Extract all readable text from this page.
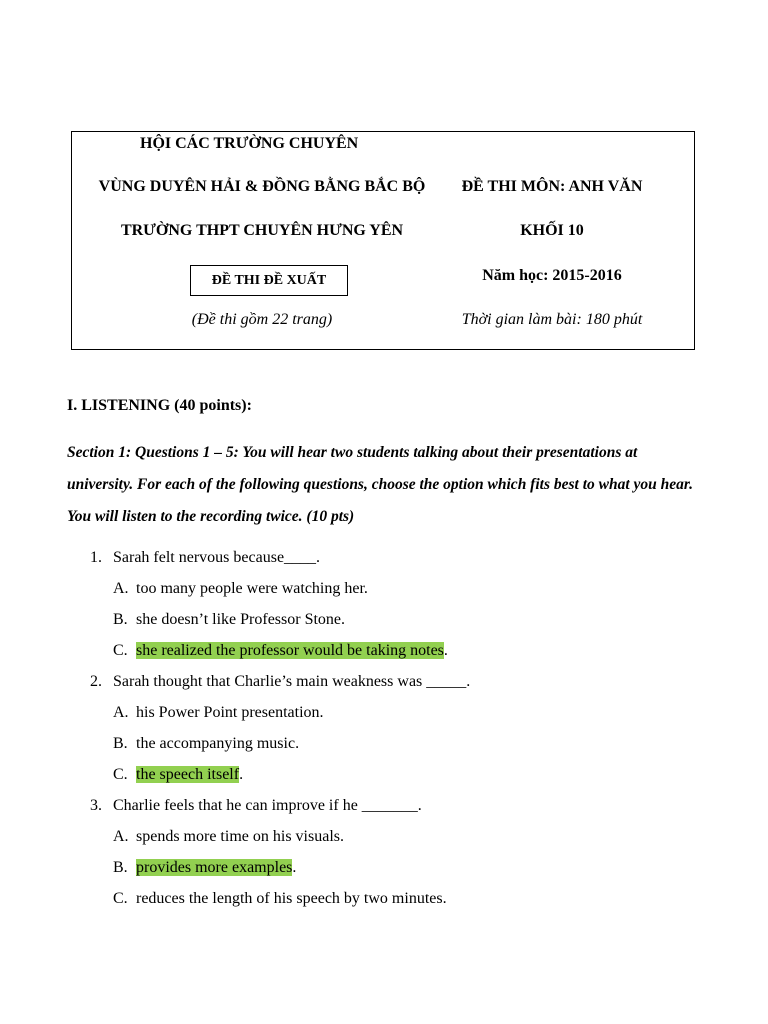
HỘI CÁC TRƯỜNG CHUYÊN
VÙNG DUYÊN HẢI & ĐỒNG BẰNG BẮC BỘ
TRƯỜNG THPT CHUYÊN HƯNG YÊN
ĐỀ THI ĐỀ XUẤT
(Đề thi gồm 22 trang)
ĐỀ THI MÔN: ANH VĂN
KHỐI 10
Năm học: 2015-2016
Thời gian làm bài: 180 phút
I. LISTENING (40 points):
Section 1: Questions 1 – 5: You will hear two students talking about their presentations at university. For each of the following questions, choose the option which fits best to what you hear. You will listen to the recording twice. (10 pts)
1. Sarah felt nervous because____.
A. too many people were watching her.
B. she doesn’t like Professor Stone.
C. she realized the professor would be taking notes.
2. Sarah thought that Charlie’s main weakness was _____.
A. his Power Point presentation.
B. the accompanying music.
C. the speech itself.
3. Charlie feels that he can improve if he _______.
A. spends more time on his visuals.
B. provides more examples.
C. reduces the length of his speech by two minutes.
